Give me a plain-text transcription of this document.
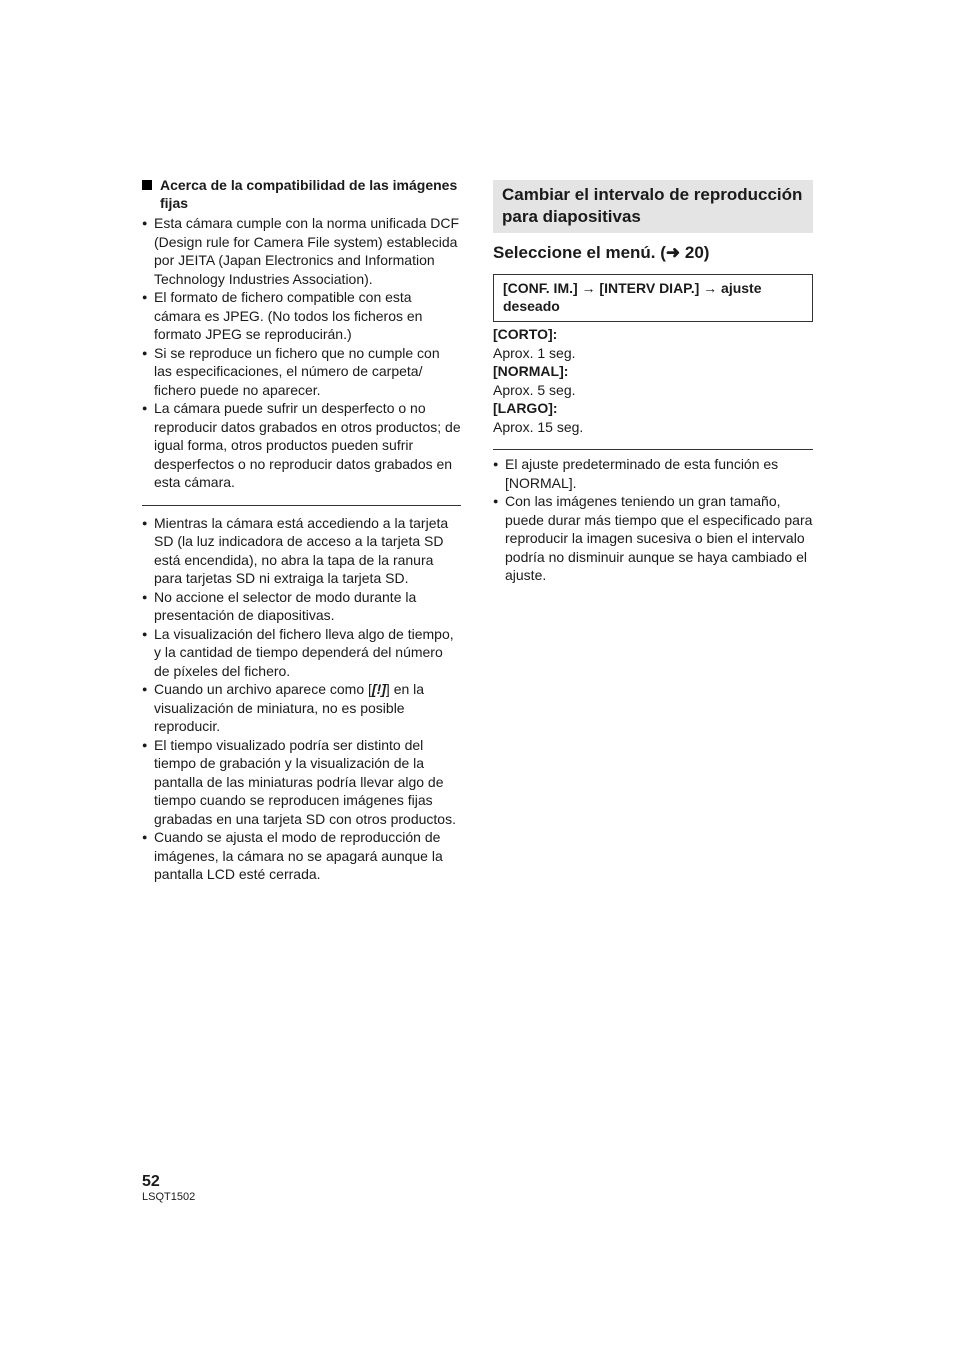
Acerca de la compatibilidad de las imágenes fijas
● Esta cámara cumple con la norma unificada DCF (Design rule for Camera File system) establecida por JEITA (Japan Electronics and Information Technology Industries Association).
● El formato de fichero compatible con esta cámara es JPEG. (No todos los ficheros en formato JPEG se reproducirán.)
● Si se reproduce un fichero que no cumple con las especificaciones, el número de carpeta/ fichero puede no aparecer.
● La cámara puede sufrir un desperfecto o no reproducir datos grabados en otros productos; de igual forma, otros productos pueden sufrir desperfectos o no reproducir datos grabados en esta cámara.
● Mientras la cámara está accediendo a la tarjeta SD (la luz indicadora de acceso a la tarjeta SD está encendida), no abra la tapa de la ranura para tarjetas SD ni extraiga la tarjeta SD.
● No accione el selector de modo durante la presentación de diapositivas.
● La visualización del fichero lleva algo de tiempo, y la cantidad de tiempo dependerá del número de píxeles del fichero.
● Cuando un archivo aparece como [[!]] en la visualización de miniatura, no es posible reproducir.
● El tiempo visualizado podría ser distinto del tiempo de grabación y la visualización de la pantalla de las miniaturas podría llevar algo de tiempo cuando se reproducen imágenes fijas grabadas en una tarjeta SD con otros productos.
● Cuando se ajusta el modo de reproducción de imágenes, la cámara no se apagará aunque la pantalla LCD esté cerrada.
Cambiar el intervalo de reproducción para diapositivas
Seleccione el menú. (➜ 20)
[CONF. IM.] → [INTERV DIAP.] → ajuste deseado
[CORTO]:
Aprox. 1 seg.
[NORMAL]:
Aprox. 5 seg.
[LARGO]:
Aprox. 15 seg.
● El ajuste predeterminado de esta función es [NORMAL].
● Con las imágenes teniendo un gran tamaño, puede durar más tiempo que el especificado para reproducir la imagen sucesiva o bien el intervalo podría no disminuir aunque se haya cambiado el ajuste.
52
LSQT1502
